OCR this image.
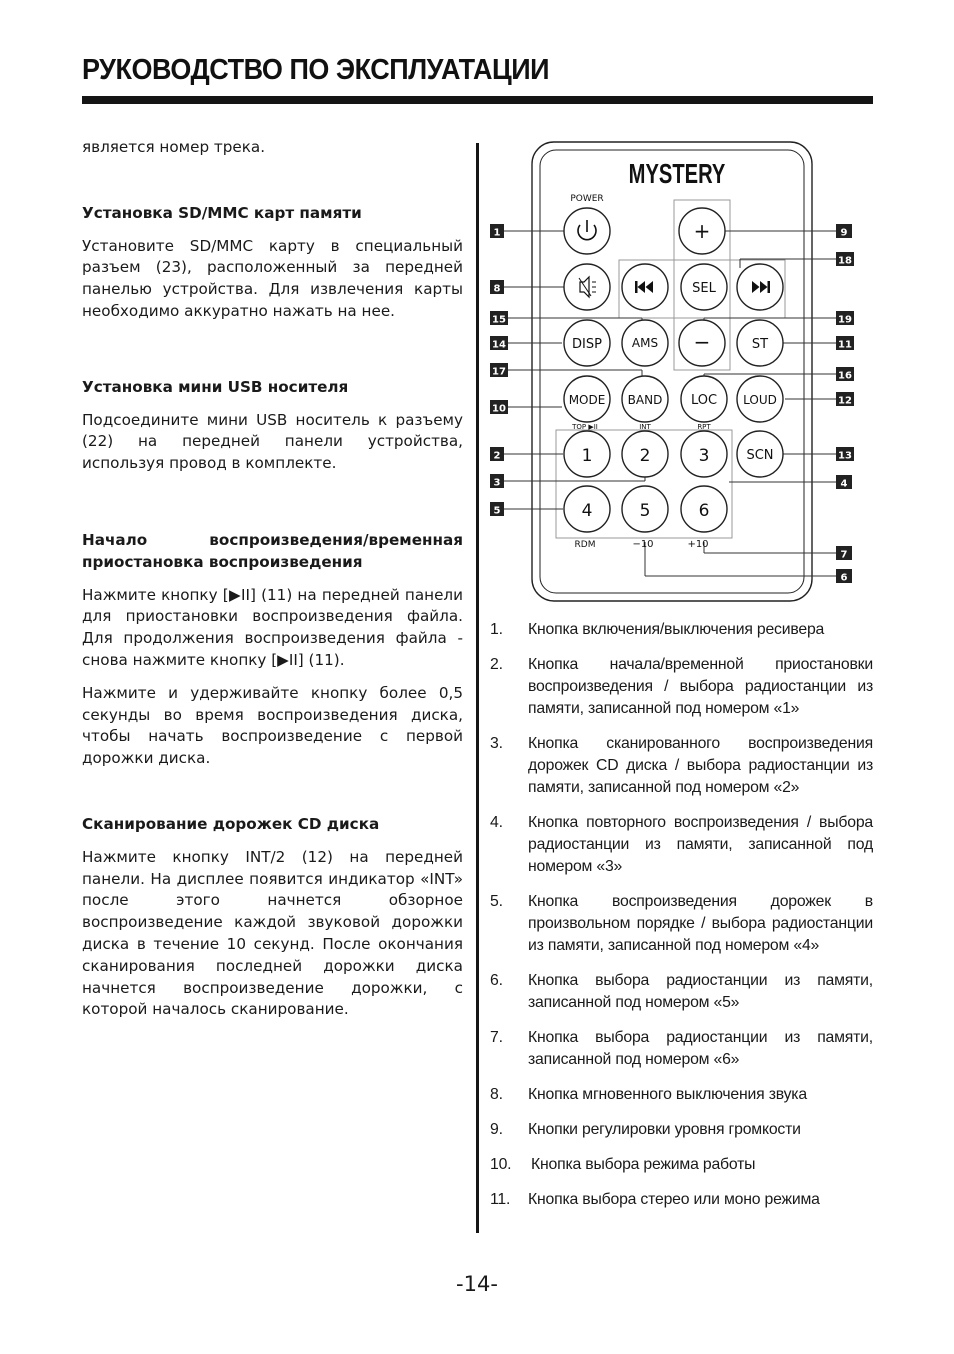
РУКОВОДСТВО ПО ЭКСПЛУАТАЦИИ

является номер трека.

Установка SD/MMC карт памяти

Установите SD/MMC карту в специальный разъем (23), расположенный за передней панелью устройства. Для извлечения карты необходимо аккуратно нажать на нее.

Установка мини USB носителя

Подсоедините мини USB носитель к разъему (22) на передней панели устройства, используя провод в комплекте.

Начало воспроизведения/временная приостановка воспроизведения

Нажмите кнопку [▶II] (11) на передней панели для приостановки воспроизведения файла. Для продолжения воспроизведения файла - снова нажмите кнопку [▶II] (11).

Нажмите и удерживайте кнопку более 0,5 секунды во время воспроизведения диска, чтобы начать воспроизведение с первой дорожки диска.

Сканирование дорожек CD диска

Нажмите кнопку INT/2 (12) на передней панели. На дисплее появится индикатор «INT» после этого начнется обзорное воспроизведение каждой звуковой дорожки диска в течение 10 секунд. После окончания сканирования последней дорожки диска начнется воспроизведение дорожки, с которой началось сканирование.

MYSTERY
+
SEL
−
DISP AMS	ST
MODE BAND LOC LOUD
1	2	3	SCN
4	5	6
POWER
TOP ▶II	INT	RPT
RDM	−10	+10
1
8
15
14
17
10
2
3
5
9
18
19
11
16
12
13
4
7
6
1. Кнопка включения/выключения ресивера
2. Кнопка начала/временной приостановки воспроизведения / выбора радиостанции из памяти, записанной под номером «1»
3. Кнопка сканированного воспроизведения дорожек CD диска / выбора радиостанции из памяти, записанной под номером «2»
4. Кнопка повторного воспроизведения / выбора радиостанции из памяти, записанной под номером «3»
5. Кнопка воспроизведения дорожек в произвольном порядке / выбора радиостанции из памяти, записанной под номером «4»
6. Кнопка выбора радиостанции из памяти, записанной под номером «5»
7. Кнопка выбора радиостанции из памяти, записанной под номером «6»
8. Кнопка мгновенного выключения звука
9. Кнопки регулировки уровня громкости
10. Кнопка выбора режима работы
11. Кнопка выбора стерео или моно режима
-14-
